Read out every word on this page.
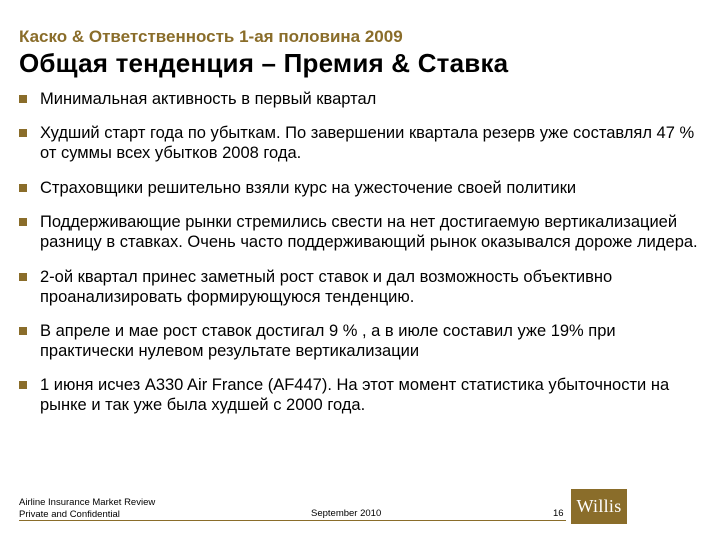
Каско & Ответственность 1-ая половина 2009
Общая тенденция – Премия & Ставка
Минимальная активность в первый квартал
Худший старт года по убыткам. По завершении квартала резерв уже составлял 47 % от суммы всех убытков 2008 года.
Страховщики решительно взяли курс на ужесточение своей политики
Поддерживающие рынки стремились свести на нет достигаемую вертикализацией разницу в ставках. Очень часто поддерживающий рынок оказывался дороже лидера.
2-ой квартал принес заметный рост ставок и дал возможность объективно проанализировать формирующуюся тенденцию.
В апреле и мае рост ставок достигал 9 % , а в июле составил уже 19% при практически нулевом результате вертикализации
1 июня исчез A330 Air France (AF447). На этот момент статистика убыточности на рынке и так уже была худшей с 2000 года.
Airline Insurance Market Review
Private and Confidential	September 2010	16 Willis
